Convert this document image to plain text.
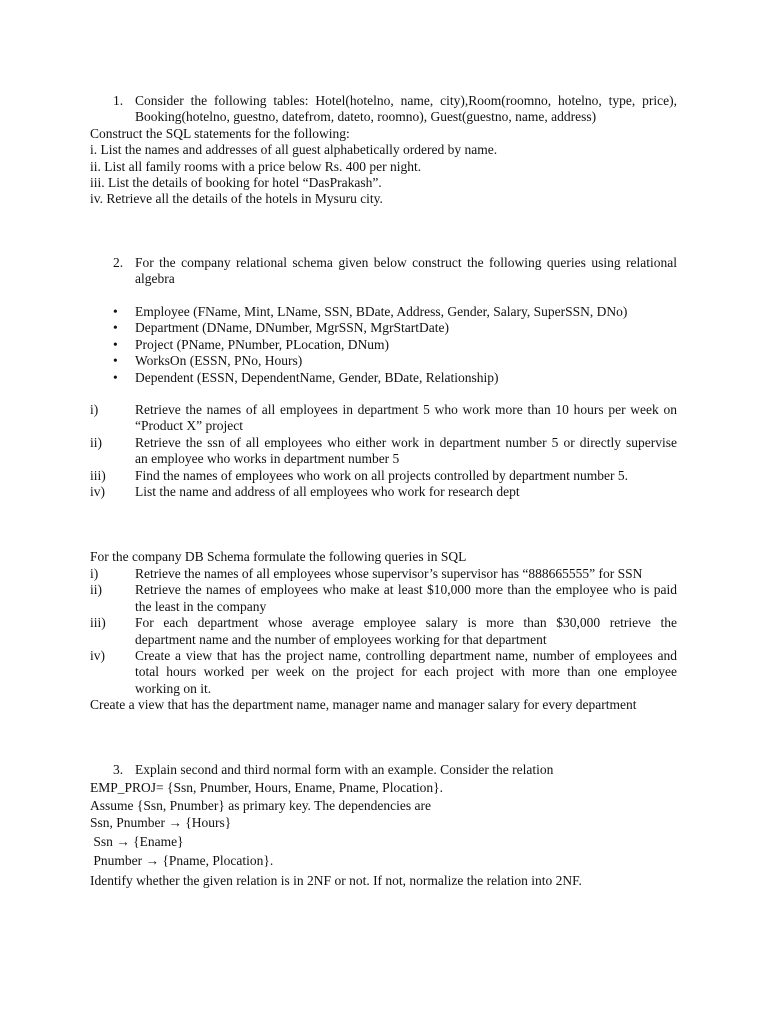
1. Consider the following tables: Hotel(hotelno, name, city),Room(roomno, hotelno, type, price),
Booking(hotelno, guestno, datefrom, dateto, roomno), Guest(guestno, name, address)
Construct the SQL statements for the following:
i. List the names and addresses of all guest alphabetically ordered by name.
ii. List all family rooms with a price below Rs. 400 per night.
iii. List the details of booking for hotel “DasPrakash”.
iv. Retrieve all the details of the hotels in Mysuru city.
2. For the company relational schema given below construct the following queries using relational
algebra
• Employee (FName, Mint, LName, SSN, BDate, Address, Gender, Salary, SuperSSN, DNo)
• Department (DName, DNumber, MgrSSN, MgrStartDate)
• Project (PName, PNumber, PLocation, DNum)
• WorksOn (ESSN, PNo, Hours)
• Dependent (ESSN, DependentName, Gender, BDate, Relationship)
i)	Retrieve the names of all employees in department 5 who work more than 10 hours per week on
“Product X” project
ii) Retrieve the ssn of all employees who either work in department number 5 or directly supervise
an employee who works in department number 5
iii) Find the names of employees who work on all projects controlled by department number 5.
iv) List the name and address of all employees who work for research dept
For the company DB Schema formulate the following queries in SQL
i)	Retrieve the names of all employees whose supervisor’s supervisor has “888665555” for SSN
ii) Retrieve the names of employees who make at least $10,000 more than the employee who is paid
the least in the company
iii) For each department whose average employee salary is more than $30,000 retrieve the
department name and the number of employees working for that department
iv) Create a view that has the project name, controlling department name, number of employees and
total hours worked per week on the project for each project with more than one employee
working on it.
Create a view that has the department name, manager name and manager salary for every department
3. Explain second and third normal form with an example. Consider the relation
EMP_PROJ= {Ssn, Pnumber, Hours, Ename, Pname, Plocation}.
Assume {Ssn, Pnumber} as primary key. The dependencies are
Ssn, Pnumber → {Hours}
Ssn → {Ename}
Pnumber → {Pname, Plocation}.
Identify whether the given relation is in 2NF or not. If not, normalize the relation into 2NF.
